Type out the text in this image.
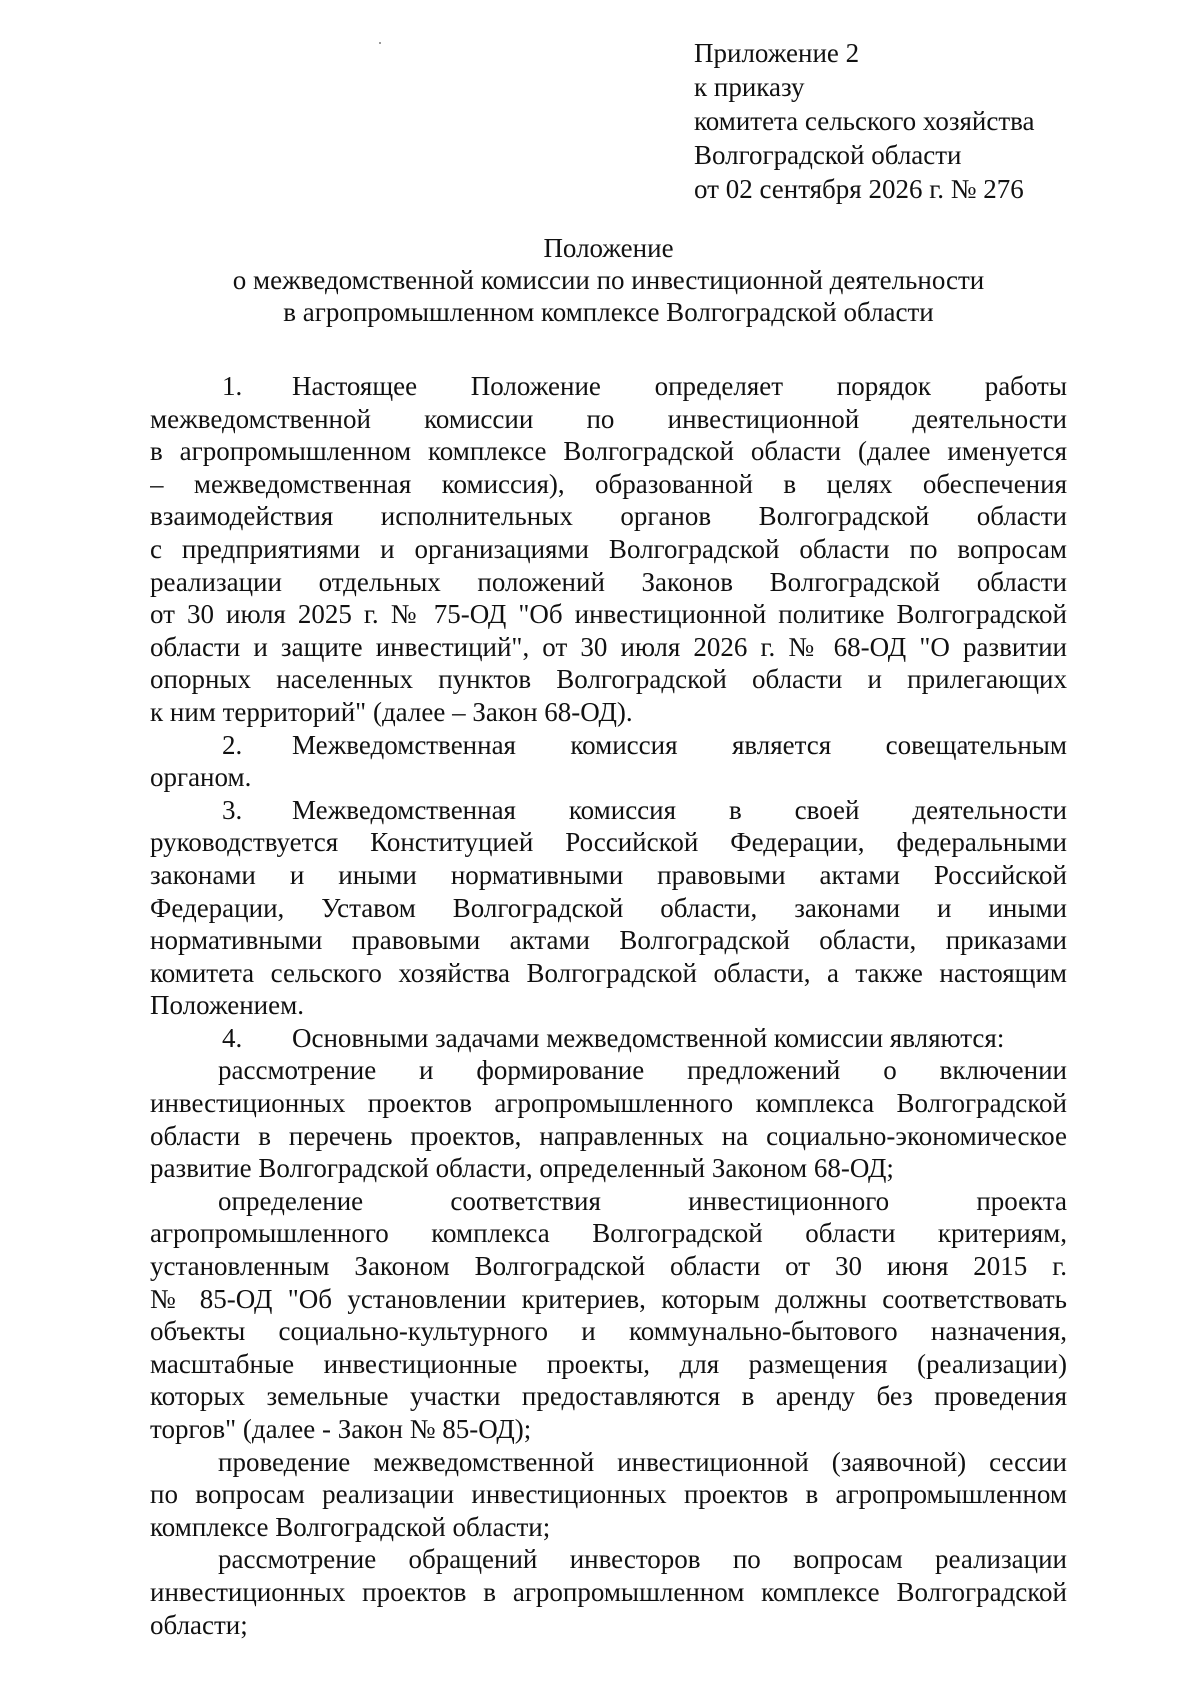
Приложение 2
к приказу
комитета сельского хозяйства
Волгоградской области
от 02 сентября 2026 г. № 276
Положение
о межведомственной комиссии по инвестиционной деятельности
в агропромышленном комплексе Волгоградской области
1. Настоящее Положение определяет порядок работы
межведомственной комиссии по инвестиционной деятельности
в агропромышленном комплексе Волгоградской области (далее именуется
– межведомственная комиссия), образованной в целях обеспечения
взаимодействия исполнительных органов Волгоградской области
с предприятиями и организациями Волгоградской области по вопросам
реализации отдельных положений Законов Волгоградской области
от 30 июля 2025 г. № 75-ОД "Об инвестиционной политике Волгоградской
области и защите инвестиций", от 30 июля 2026 г. № 68-ОД "О развитии
опорных населенных пунктов Волгоградской области и прилегающих
к ним территорий" (далее – Закон 68-ОД).
2. Межведомственная комиссия является совещательным
органом.
3. Межведомственная комиссия в своей деятельности
руководствуется Конституцией Российской Федерации, федеральными
законами и иными нормативными правовыми актами Российской
Федерации, Уставом Волгоградской области, законами и иными
нормативными правовыми актами Волгоградской области, приказами
комитета сельского хозяйства Волгоградской области, а также настоящим
Положением.
4. Основными задачами межведомственной комиссии являются:
рассмотрение и формирование предложений о включении
инвестиционных проектов агропромышленного комплекса Волгоградской
области в перечень проектов, направленных на социально-экономическое
развитие Волгоградской области, определенный Законом 68-ОД;
определение соответствия инвестиционного проекта
агропромышленного комплекса Волгоградской области критериям,
установленным Законом Волгоградской области от 30 июня 2015 г.
№ 85-ОД "Об установлении критериев, которым должны соответствовать
объекты социально-культурного и коммунально-бытового назначения,
масштабные инвестиционные проекты, для размещения (реализации)
которых земельные участки предоставляются в аренду без проведения
торгов" (далее - Закон № 85-ОД);
проведение межведомственной инвестиционной (заявочной) сессии
по вопросам реализации инвестиционных проектов в агропромышленном
комплексе Волгоградской области;
рассмотрение обращений инвесторов по вопросам реализации
инвестиционных проектов в агропромышленном комплексе Волгоградской
области;
